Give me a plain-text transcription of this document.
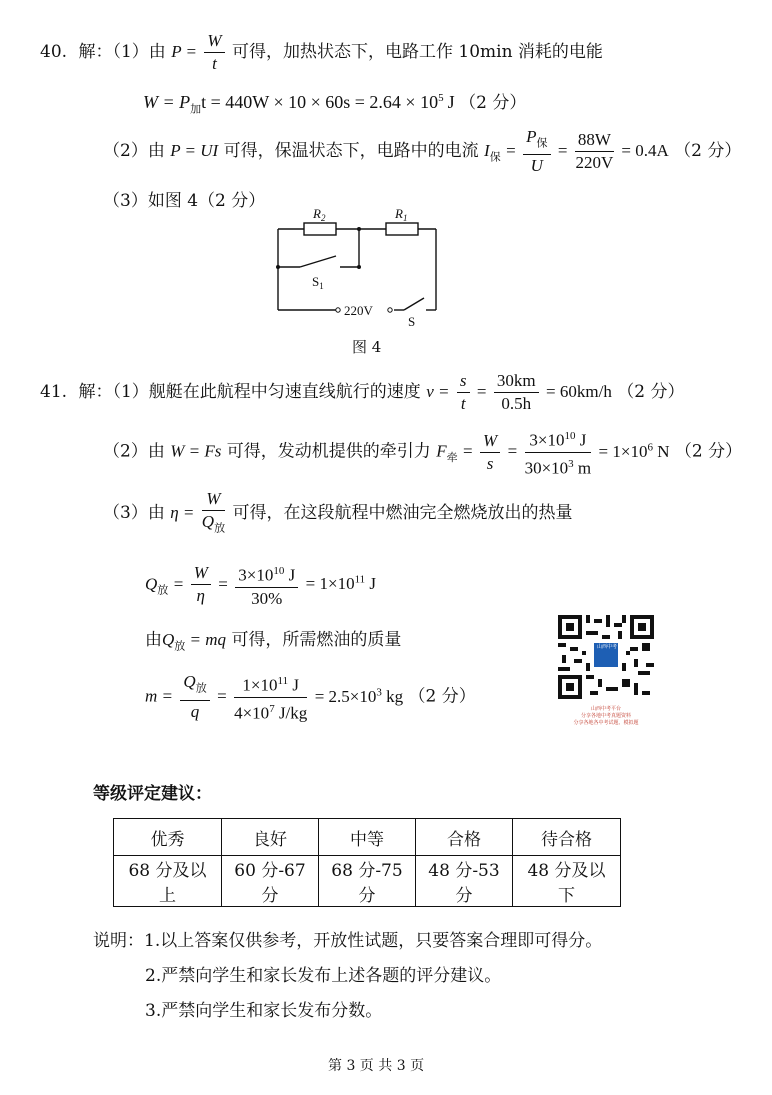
40. 解：（1）由 $P = \frac{W}{t}$ 可得，加热状态下，电路工作 10min 消耗的电能
$W = P_加t = 440W \times 10 \times 60s = 2.64 \times 10^5$ J （2 分）
（2）由 P = UI 可得，保温状态下，电路中的电流 $I_保 = \frac{P_保}{U} = \frac{88W}{220V} = 0.4A$ （2 分）
（3）如图 4（2 分）
$R_2$	$R_1$
$S_1$
220V
S
图 4
41. 解：（1）舰艇在此航程中匀速直线航行的速度 $v = \frac{s}{t} = \frac{30km}{0.5h} = 60km/h$ （2 分）
（2）由 W = Fs 可得，发动机提供的牵引力 $F_牵 = \frac{W}{s} = \frac{3\times 10^{10} J}{30\times 10^3 m} = 1\times 10^6$ N （2 分）
（3）由 $\eta = \frac{W}{Q_放}$ 可得，在这段航程中燃油完全燃烧放出的热量
$Q_放 = \frac{W}{\eta} = \frac{3\times 10^{10} J}{30\%} = 1\times 10^{11}$ J
由$Q_放$ = mq 可得，所需燃油的质量
$m = \frac{Q_放}{q} = \frac{1\times 10^{11} J}{4\times 10^7 J/kg} = 2.5\times 10^3$ kg （2 分）
山西中考
山西中考平台
分享各地中考真题资料
分享各地各中考试题、模拟题
等级评定建议：
优秀	良好	中等	合格	待合格
68 分及以上	60 分-67 分	68 分-75 分	48 分-53 分	48 分及以下
说明：1.以上答案仅供参考，开放性试题，只要答案合理即可得分。
2.严禁向学生和家长发布上述各题的评分建议。
3.严禁向学生和家长发布分数。
第 3 页 共 3 页
